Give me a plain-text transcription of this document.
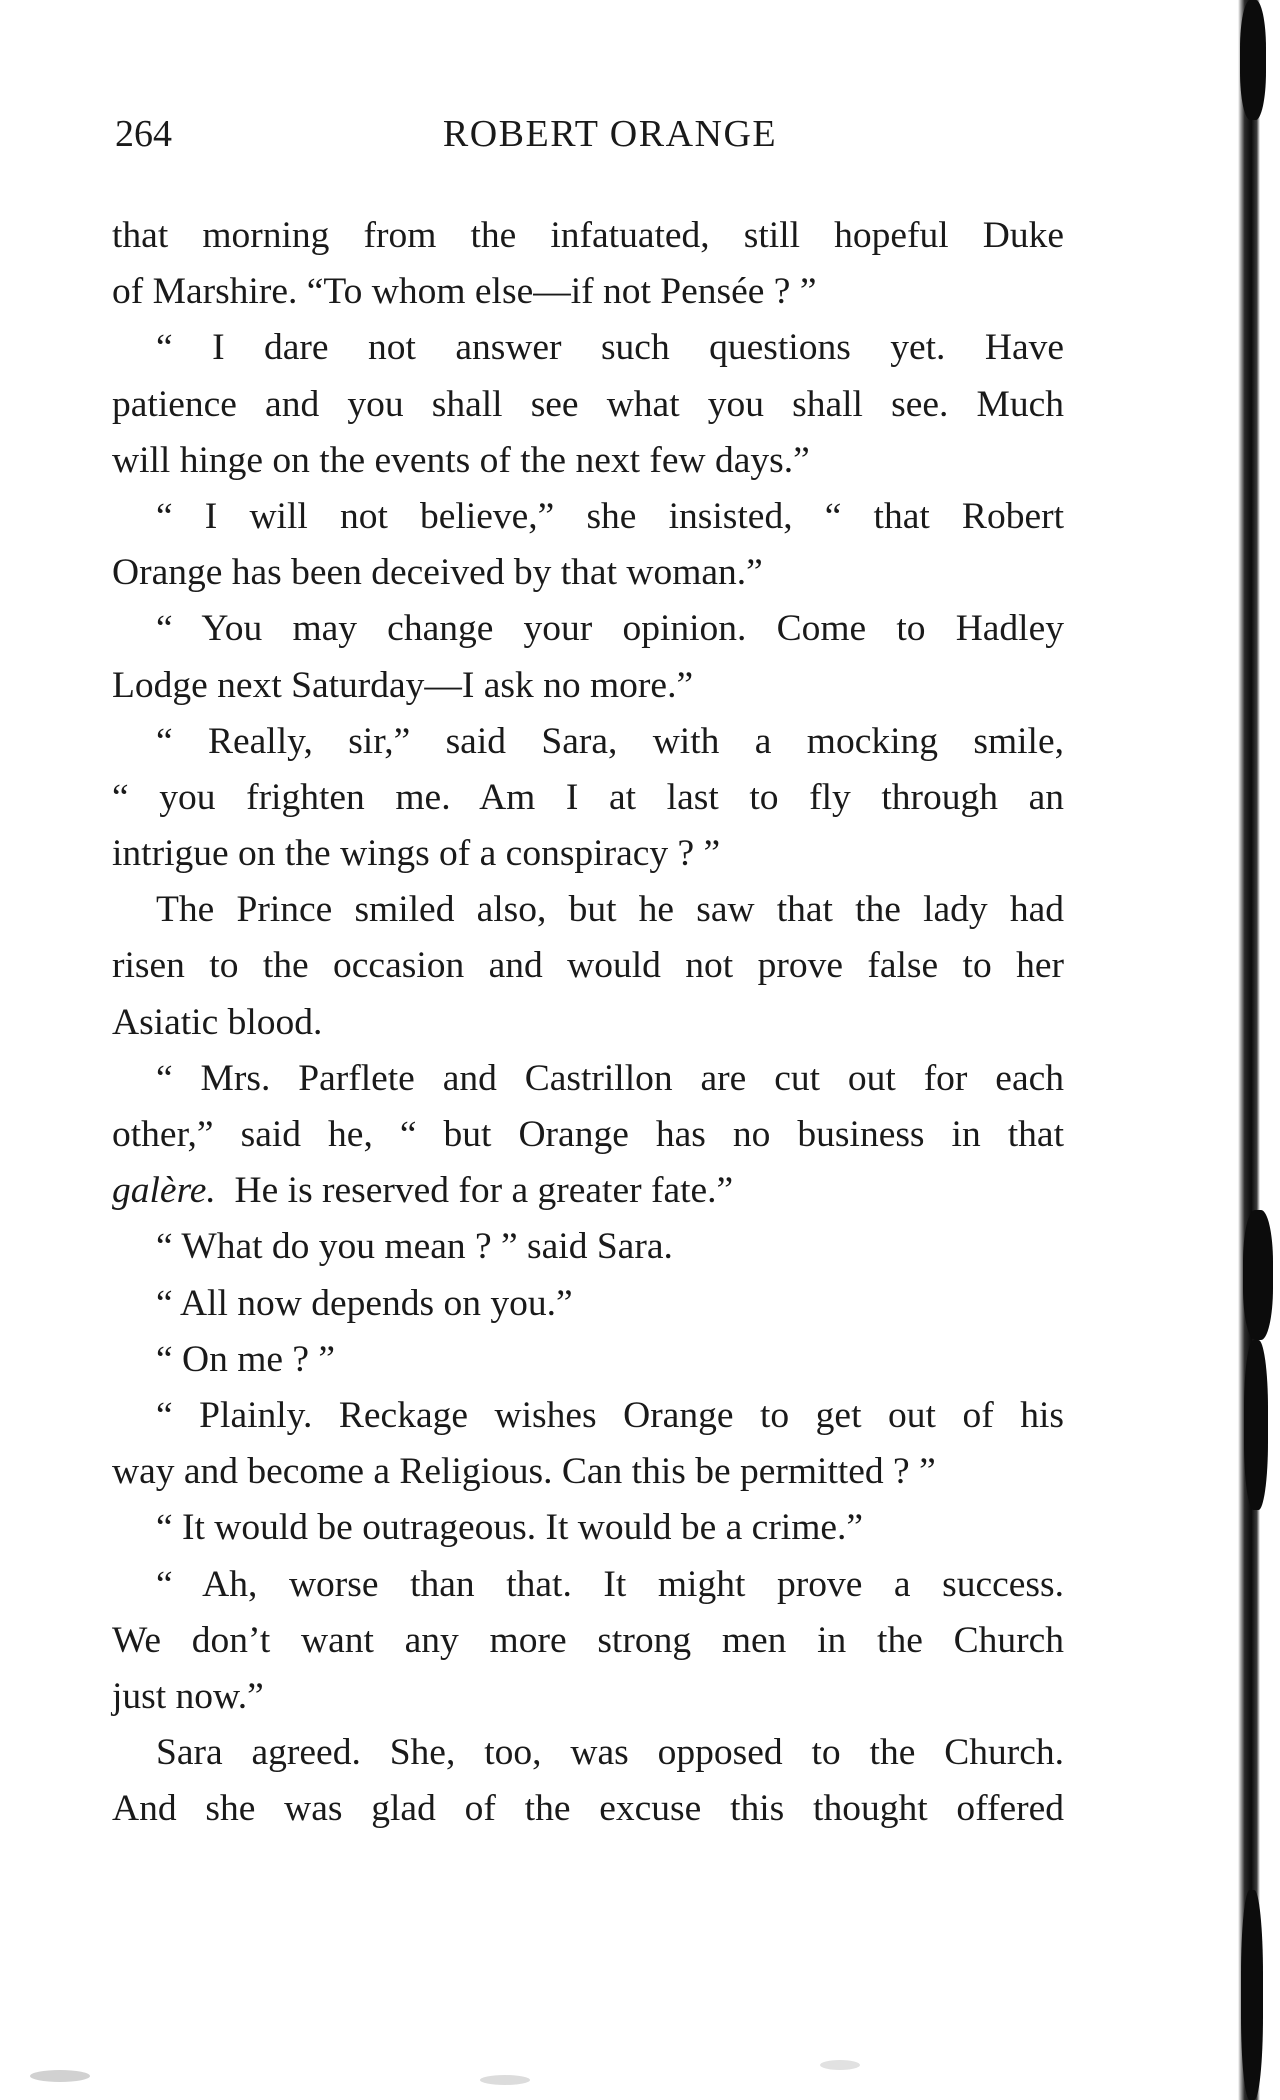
264	ROBERT ORANGE
that morning from the infatuated, still hopeful Duke
of Marshire. “To whom else—if not Pensée ? ”
“ I dare not answer such questions yet. Have
patience and you shall see what you shall see. Much
will hinge on the events of the next few days.”
“ I will not believe,” she insisted, “ that Robert
Orange has been deceived by that woman.”
“ You may change your opinion. Come to Hadley
Lodge next Saturday—I ask no more.”
“ Really, sir,” said Sara, with a mocking smile,
“ you frighten me. Am I at last to fly through an
intrigue on the wings of a conspiracy ? ”
The Prince smiled also, but he saw that the lady had
risen to the occasion and would not prove false to her
Asiatic blood.
“ Mrs. Parflete and Castrillon are cut out for each
other,” said he, “ but Orange has no business in that
galère. He is reserved for a greater fate.”
“ What do you mean ? ” said Sara.
“ All now depends on you.”
“ On me ? ”
“ Plainly. Reckage wishes Orange to get out of his
way and become a Religious. Can this be permitted ? ”
“ It would be outrageous. It would be a crime.”
“ Ah, worse than that. It might prove a success.
We don’t want any more strong men in the Church
just now.”
Sara agreed. She, too, was opposed to the Church.
And she was glad of the excuse this thought offered
